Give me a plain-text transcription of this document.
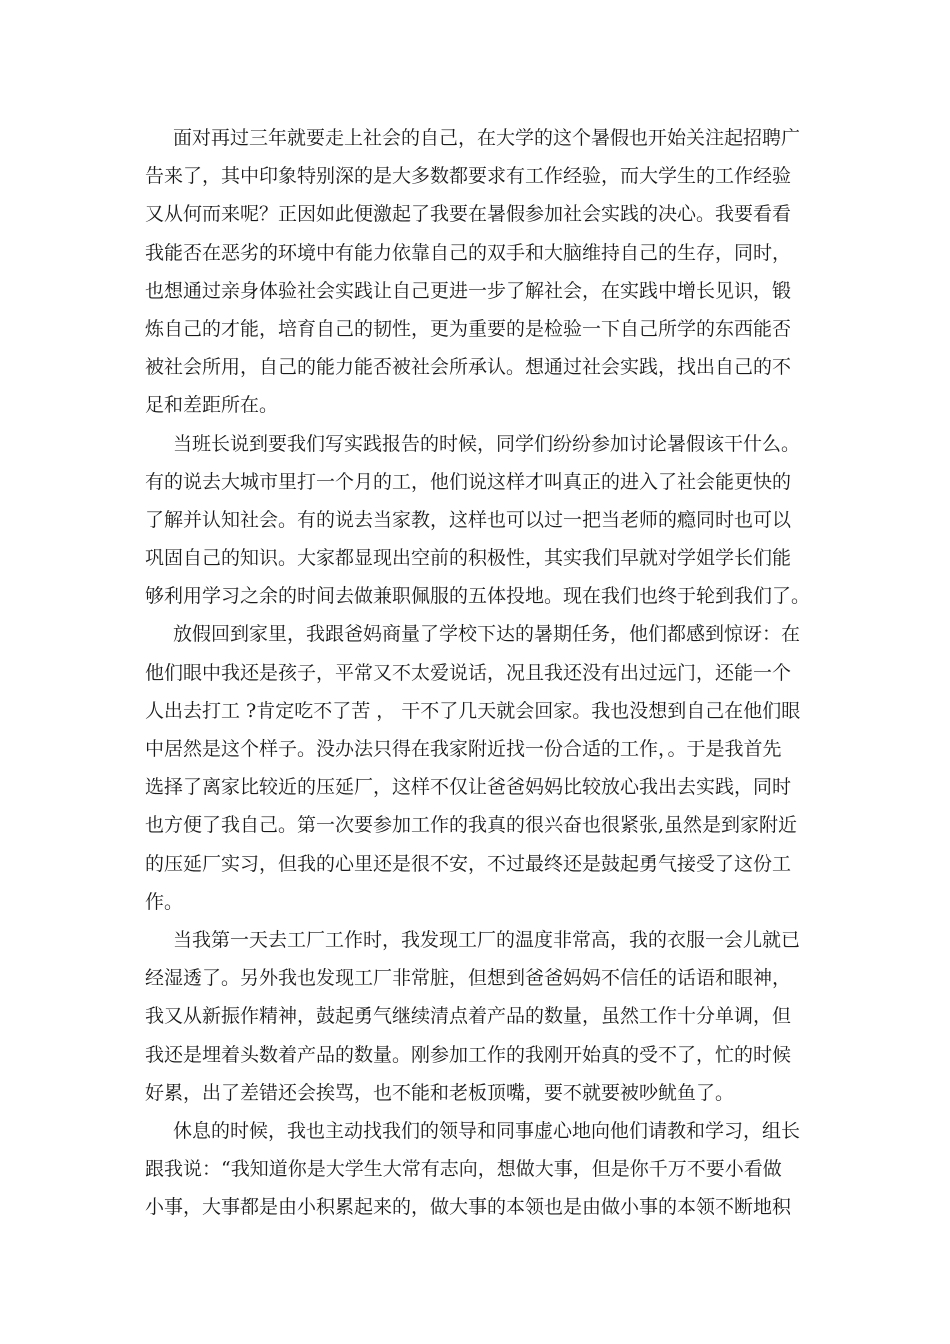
面对再过三年就要走上社会的自己，在大学的这个暑假也开始关注起招聘广
告来了，其中印象特别深的是大多数都要求有工作经验，而大学生的工作经验
又从何而来呢？正因如此便激起了我要在暑假参加社会实践的决心。我要看看
我能否在恶劣的环境中有能力依靠自己的双手和大脑维持自己的生存，同时，
也想通过亲身体验社会实践让自己更进一步了解社会，在实践中增长见识，锻
炼自己的才能，培育自己的韧性，更为重要的是检验一下自己所学的东西能否
被社会所用，自己的能力能否被社会所承认。想通过社会实践，找出自己的不
足和差距所在。
当班长说到要我们写实践报告的时候，同学们纷纷参加讨论暑假该干什么。
有的说去大城市里打一个月的工，他们说这样才叫真正的进入了社会能更快的
了解并认知社会。有的说去当家教，这样也可以过一把当老师的瘾同时也可以
巩固自己的知识。大家都显现出空前的积极性，其实我们早就对学姐学长们能
够利用学习之余的时间去做兼职佩服的五体投地。现在我们也终于轮到我们了。
放假回到家里，我跟爸妈商量了学校下达的暑期任务，他们都感到惊讶：在
他们眼中我还是孩子，平常又不太爱说话，况且我还没有出过远门，还能一个
人出去打工 ?肯定吃不了苦 ， 干不了几天就会回家。我也没想到自己在他们眼
中居然是这个样子。没办法只得在我家附近找一份合适的工作，。于是我首先
选择了离家比较近的压延厂，这样不仅让爸爸妈妈比较放心我出去实践，同时
也方便了我自己。第一次要参加工作的我真的很兴奋也很紧张,虽然是到家附近
的压延厂实习，但我的心里还是很不安，不过最终还是鼓起勇气接受了这份工
作。
当我第一天去工厂工作时，我发现工厂的温度非常高，我的衣服一会儿就已
经湿透了。另外我也发现工厂非常脏，但想到爸爸妈妈不信任的话语和眼神，
我又从新振作精神，鼓起勇气继续清点着产品的数量，虽然工作十分单调，但
我还是埋着头数着产品的数量。刚参加工作的我刚开始真的受不了，忙的时候
好累，出了差错还会挨骂，也不能和老板顶嘴，要不就要被吵鱿鱼了。
休息的时候，我也主动找我们的领导和同事虚心地向他们请教和学习，组长
跟我说：“我知道你是大学生大常有志向，想做大事，但是你千万不要小看做
小事，大事都是由小积累起来的，做大事的本领也是由做小事的本领不断地积
